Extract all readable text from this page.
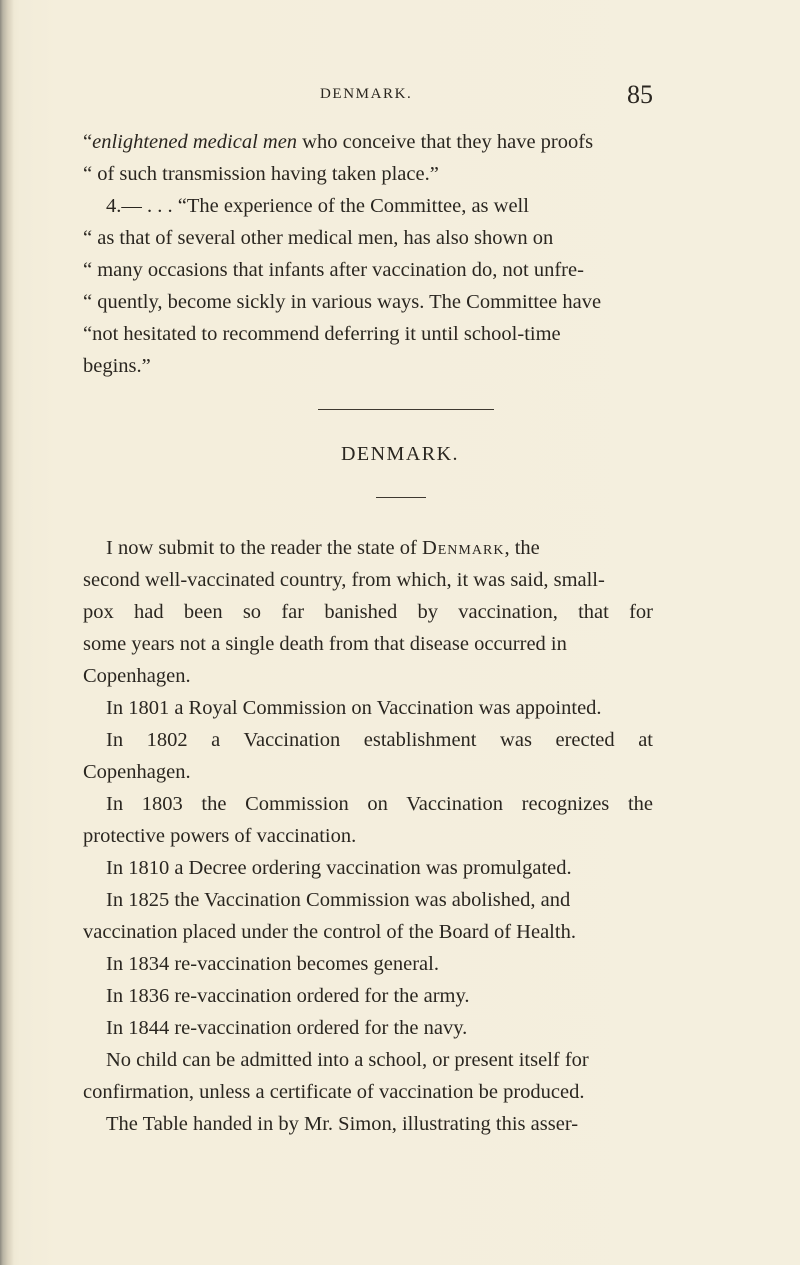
DENMARK.	85
“enlightened medical men who conceive that they have proofs
“ of such transmission having taken place.”
4.— . . . “The experience of the Committee, as well
“ as that of several other medical men, has also shown on
“ many occasions that infants after vaccination do, not unfre-
“ quently, become sickly in various ways. The Committee have
“not hesitated to recommend deferring it until school-time
begins.”
DENMARK.
I now submit to the reader the state of Denmark, the
second well-vaccinated country, from which, it was said, small-
pox had been so far banished by vaccination, that for
some years not a single death from that disease occurred in
Copenhagen.
In 1801 a Royal Commission on Vaccination was appointed.
In 1802 a Vaccination establishment was erected at
Copenhagen.
In 1803 the Commission on Vaccination recognizes the
protective powers of vaccination.
In 1810 a Decree ordering vaccination was promulgated.
In 1825 the Vaccination Commission was abolished, and
vaccination placed under the control of the Board of Health.
In 1834 re-vaccination becomes general.
In 1836 re-vaccination ordered for the army.
In 1844 re-vaccination ordered for the navy.
No child can be admitted into a school, or present itself for
confirmation, unless a certificate of vaccination be produced.
The Table handed in by Mr. Simon, illustrating this asser-
